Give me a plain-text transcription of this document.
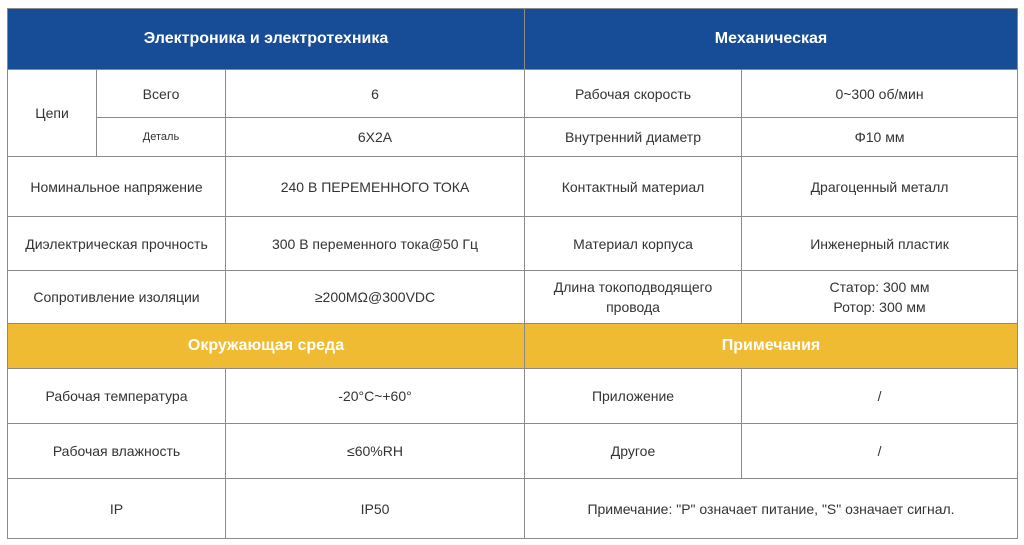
Электроника и электротехника			Механическая	
Цепи	Всего	6	Рабочая скорость	0~300 об/мин
	Деталь	6X2A	Внутренний диаметр	Φ10 мм
Номинальное напряжение		240 В ПЕРЕМЕННОГО ТОКА	Контактный материал	Драгоценный металл
Диэлектрическая прочность		300 В переменного тока@50 Гц	Материал корпуса	Инженерный пластик
Сопротивление изоляции		≥200MΩ@300VDC	Длина токоподводящего провода	Статор: 300 мм
Ротор: 300 мм

Окружающая среда			Примечания	
Рабочая температура		-20°C~+60°	Приложение	/
Рабочая влажность		≤60%RH	Другое	/
IP		IP50	Примечание: "P" означает питание, "S" означает сигнал.	
